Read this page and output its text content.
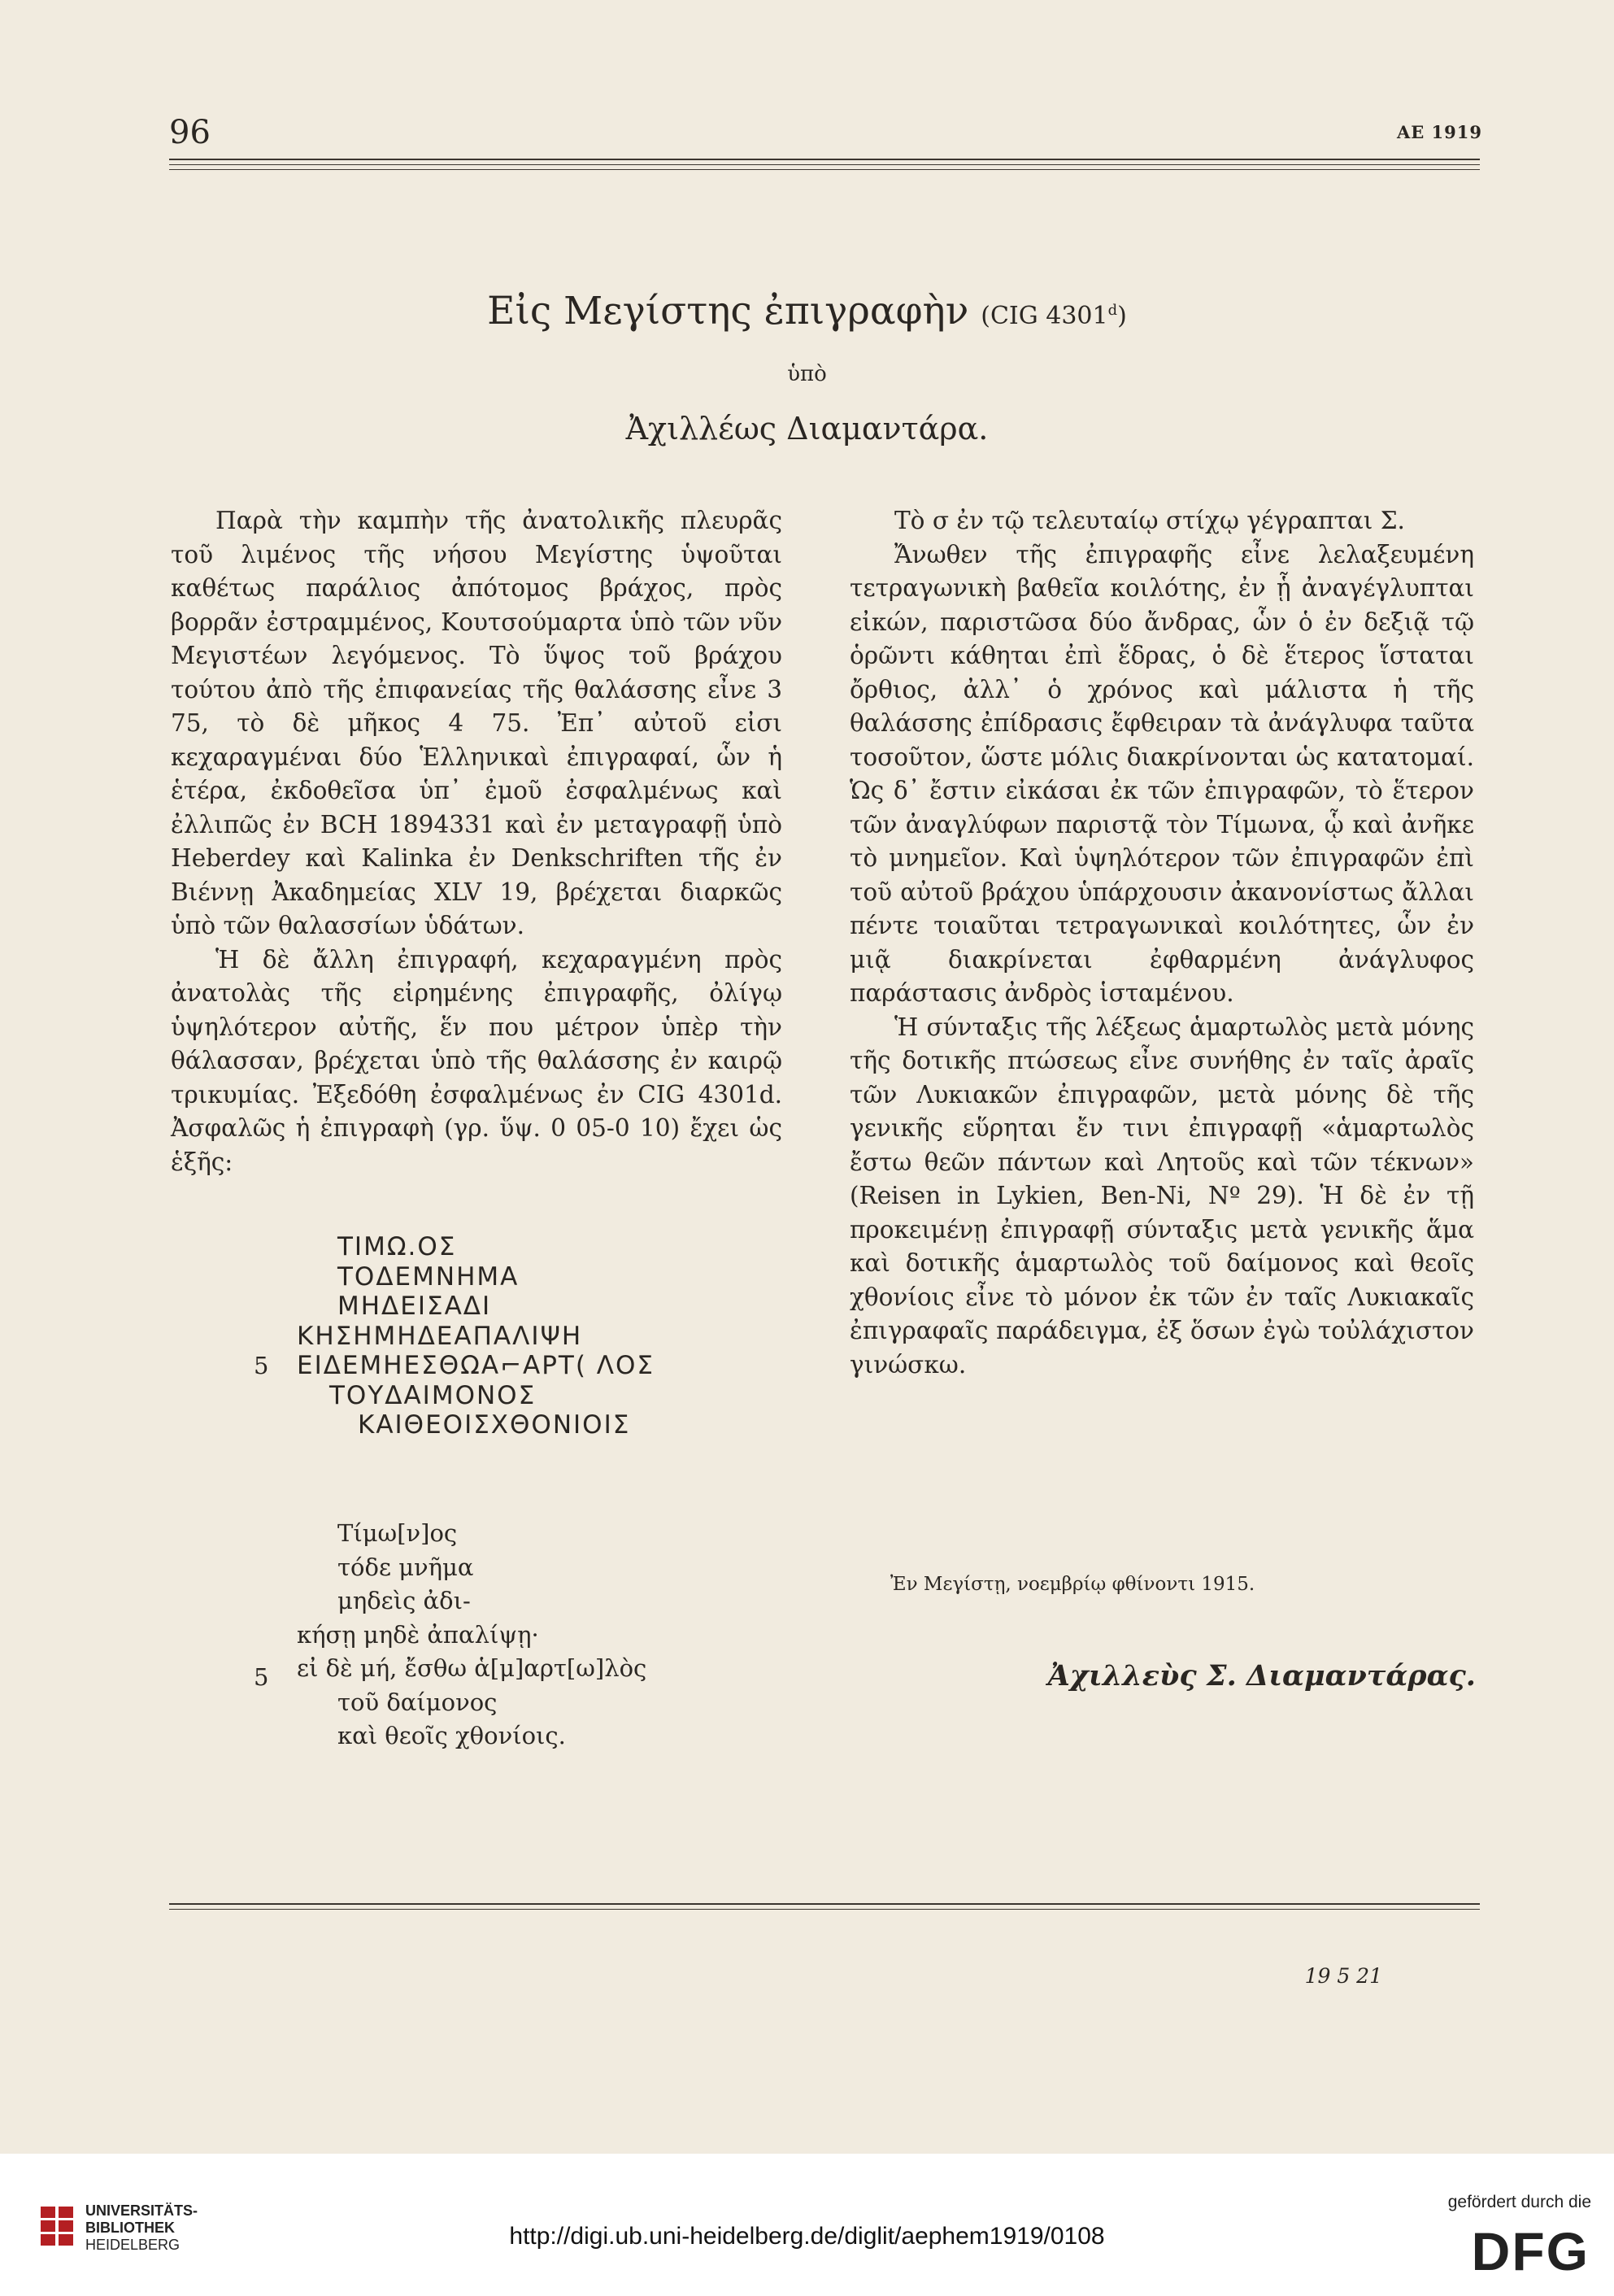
96	ΑΕ 1919
Εἰς Μεγίστης ἐπιγραφὴν (CIG 4301$^d$)
ὑπὸ
Ἀχιλλέως Διαμαντάρα.

Παρὰ τὴν καμπὴν τῆς ἀνατολικῆς πλευρᾶς τοῦ λιμένος τῆς νήσου Μεγίστης ὑψοῦται καθέτως παράλιος ἀπότομος βράχος, πρὸς βορρᾶν ἐστραμμένος, Κουτσούμαρτα ὑπὸ τῶν νῦν Μεγιστέων λεγόμενος. Τὸ ὕψος τοῦ βράχου τούτου ἀπὸ τῆς ἐπιφανείας τῆς θαλάσσης εἶνε 3 75, τὸ δὲ μῆκος 4 75. Ἐπ᾽ αὐτοῦ εἰσι κεχαραγμέναι δύο Ἑλληνικαὶ ἐπιγραφαί, ὧν ἡ ἑτέρα, ἐκδοθεῖσα ὑπ᾽ ἐμοῦ ἐσφαλμένως καὶ ἐλλιπῶς ἐν BCH 1894331 καὶ ἐν μεταγραφῇ ὑπὸ Heberdey καὶ Kalinka ἐν Denkschriften τῆς ἐν Βιέννῃ Ἀκαδημείας XLV 19, βρέχεται διαρκῶς ὑπὸ τῶν θαλασσίων ὑδάτων.

Ἡ δὲ ἄλλη ἐπιγραφή, κεχαραγμένη πρὸς ἀνατολὰς τῆς εἰρημένης ἐπιγραφῆς, ὀλίγῳ ὑψηλότερον αὐτῆς, ἕν που μέτρον ὑπὲρ τὴν θάλασσαν, βρέχεται ὑπὸ τῆς θαλάσσης ἐν καιρῷ τρικυμίας. Ἐξεδόθη ἐσφαλμένως ἐν CIG 4301d. Ἀσφαλῶς ἡ ἐπιγραφὴ (γρ. ὕψ. 0 05-0 10) ἔχει ὡς ἑξῆς:

ΤΙΜΩ.ΟΣ
ΤΟΔΕΜΝΗΜΑ
ΜΗΔΕΙΣΑΔΙ
ΚΗΣΗΜΗΔΕΑΠΑΛΙΨΗ
ΕΙΔΕΜΗΕΣΘΩΑ⌐ΑΡΤ( ΛΟΣ
ΤΟΥΔΑΙΜΟΝΟΣ
ΚΑΙΘΕΟΙΣΧΘΟΝΙΟΙΣ
5
Τίμω[ν]ος
τόδε μνῆμα
μηδεὶς ἀδι-
κήσῃ μηδὲ ἀπαλίψῃ·
εἰ δὲ μή, ἔσθω ἁ[μ]αρτ[ω]λὸς
τοῦ δαίμονος
καὶ θεοῖς χθονίοις.
5

Τὸ σ ἐν τῷ τελευταίῳ στίχῳ γέγραπται Σ.

Ἄνωθεν τῆς ἐπιγραφῆς εἶνε λελαξευμένη τετραγωνικὴ βαθεῖα κοιλότης, ἐν ᾗ ἀναγέγλυπται εἰκών, παριστῶσα δύο ἄνδρας, ὧν ὁ ἐν δεξιᾷ τῷ ὁρῶντι κάθηται ἐπὶ ἕδρας, ὁ δὲ ἕτερος ἵσταται ὄρθιος, ἀλλ᾽ ὁ χρόνος καὶ μάλιστα ἡ τῆς θαλάσσης ἐπίδρασις ἔφθειραν τὰ ἀνάγλυφα ταῦτα τοσοῦτον, ὥστε μόλις διακρίνονται ὡς κατατομαί. Ὡς δ᾽ ἔστιν εἰκάσαι ἐκ τῶν ἐπιγραφῶν, τὸ ἕτερον τῶν ἀναγλύφων παριστᾷ τὸν Τίμωνα, ᾧ καὶ ἀνῆκε τὸ μνημεῖον. Καὶ ὑψηλότερον τῶν ἐπιγραφῶν ἐπὶ τοῦ αὐτοῦ βράχου ὑπάρχουσιν ἀκανονίστως ἄλλαι πέντε τοιαῦται τετραγωνικαὶ κοιλότητες, ὧν ἐν μιᾷ διακρίνεται ἐφθαρμένη ἀνάγλυφος παράστασις ἀνδρὸς ἱσταμένου.

Ἡ σύνταξις τῆς λέξεως ἁμαρτωλὸς μετὰ μόνης τῆς δοτικῆς πτώσεως εἶνε συνήθης ἐν ταῖς ἀραῖς τῶν Λυκιακῶν ἐπιγραφῶν, μετὰ μόνης δὲ τῆς γενικῆς εὕρηται ἔν τινι ἐπιγραφῇ «ἁμαρτωλὸς ἔστω θεῶν πάντων καὶ Λητοῦς καὶ τῶν τέκνων» (Reisen in Lykien, Ben-Ni, Nº 29). Ἡ δὲ ἐν τῇ προκειμένῃ ἐπιγραφῇ σύνταξις μετὰ γενικῆς ἅμα καὶ δοτικῆς ἁμαρτωλὸς τοῦ δαίμονος καὶ θεοῖς χθονίοις εἶνε τὸ μόνον ἐκ τῶν ἐν ταῖς Λυκιακαῖς ἐπιγραφαῖς παράδειγμα, ἐξ ὅσων ἐγὼ τοὐλάχιστον γινώσκω.

Ἐν Μεγίστῃ, νοεμβρίῳ φθίνοντι 1915.
Ἀχιλλεὺς Σ. Διαμαντάρας.
19 5 21
UNIVERSITÄTS-
BIBLIOTHEK
HEIDELBERG	http://digi.ub.uni-heidelberg.de/diglit/aephem1919/0108
gefördert durch die
DFG
